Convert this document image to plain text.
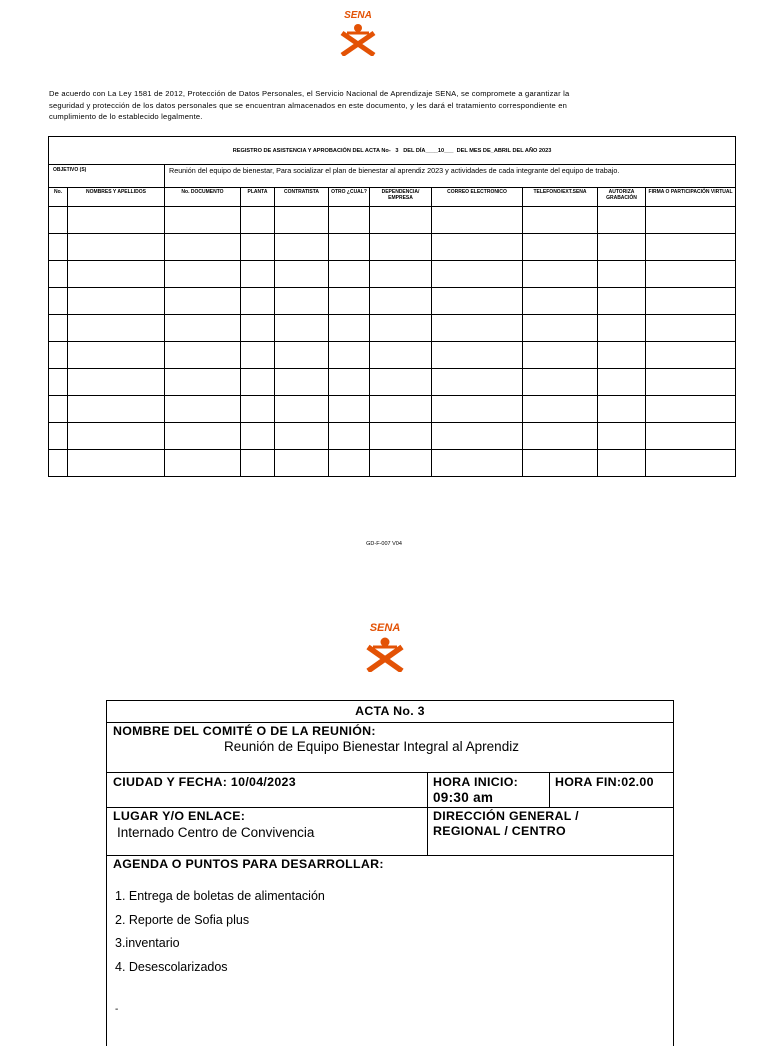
SENA
De acuerdo con La Ley 1581 de 2012, Protección de Datos Personales, el Servicio Nacional de Aprendizaje SENA, se compromete a garantizar la
seguridad y protección de los datos personales que se encuentran almacenados en este documento, y les dará el tratamiento correspondiente en
cumplimiento de lo establecido legalmente.
REGISTRO DE ASISTENCIA Y APROBACIÓN DEL ACTA No- 3 DEL DÍA____10___ DEL MES DE_ABRIL DEL AÑO 2023										

OBJETIVO (S)		Reunión del equipo de bienestar, Para socializar el plan de bienestar al aprendiz 2023 y actividades de cada integrante del equipo de trabajo.								

No.	NOMBRES Y APELLIDOS	No. DOCUMENTO	PLANTA	CONTRATISTA	OTRO ¿CUAL?	DEPENDENCIA/ EMPRESA	CORREO ELECTRONICO	TELEFONO/EXT.SENA	AUTORIZA GRABACIÓN	FIRMA O PARTICIPACIÓN VIRTUAL

GD-F-007 V04
SENA
ACTA No. 3
NOMBRE DEL COMITÉ O DE LA REUNIÓN:
Reunión de Equipo Bienestar Integral al Aprendiz
CIUDAD Y FECHA: 10/04/2023	HORA INICIO:
09:30 am
HORA FIN:02.00
LUGAR Y/O ENLACE:
Internado Centro de Convivencia
DIRECCIÓN GENERAL /
REGIONAL / CENTRO
AGENDA O PUNTOS PARA DESARROLLAR:
1. Entrega de boletas de alimentación
2. Reporte de Sofia plus
3.inventario
4. Desescolarizados
-
